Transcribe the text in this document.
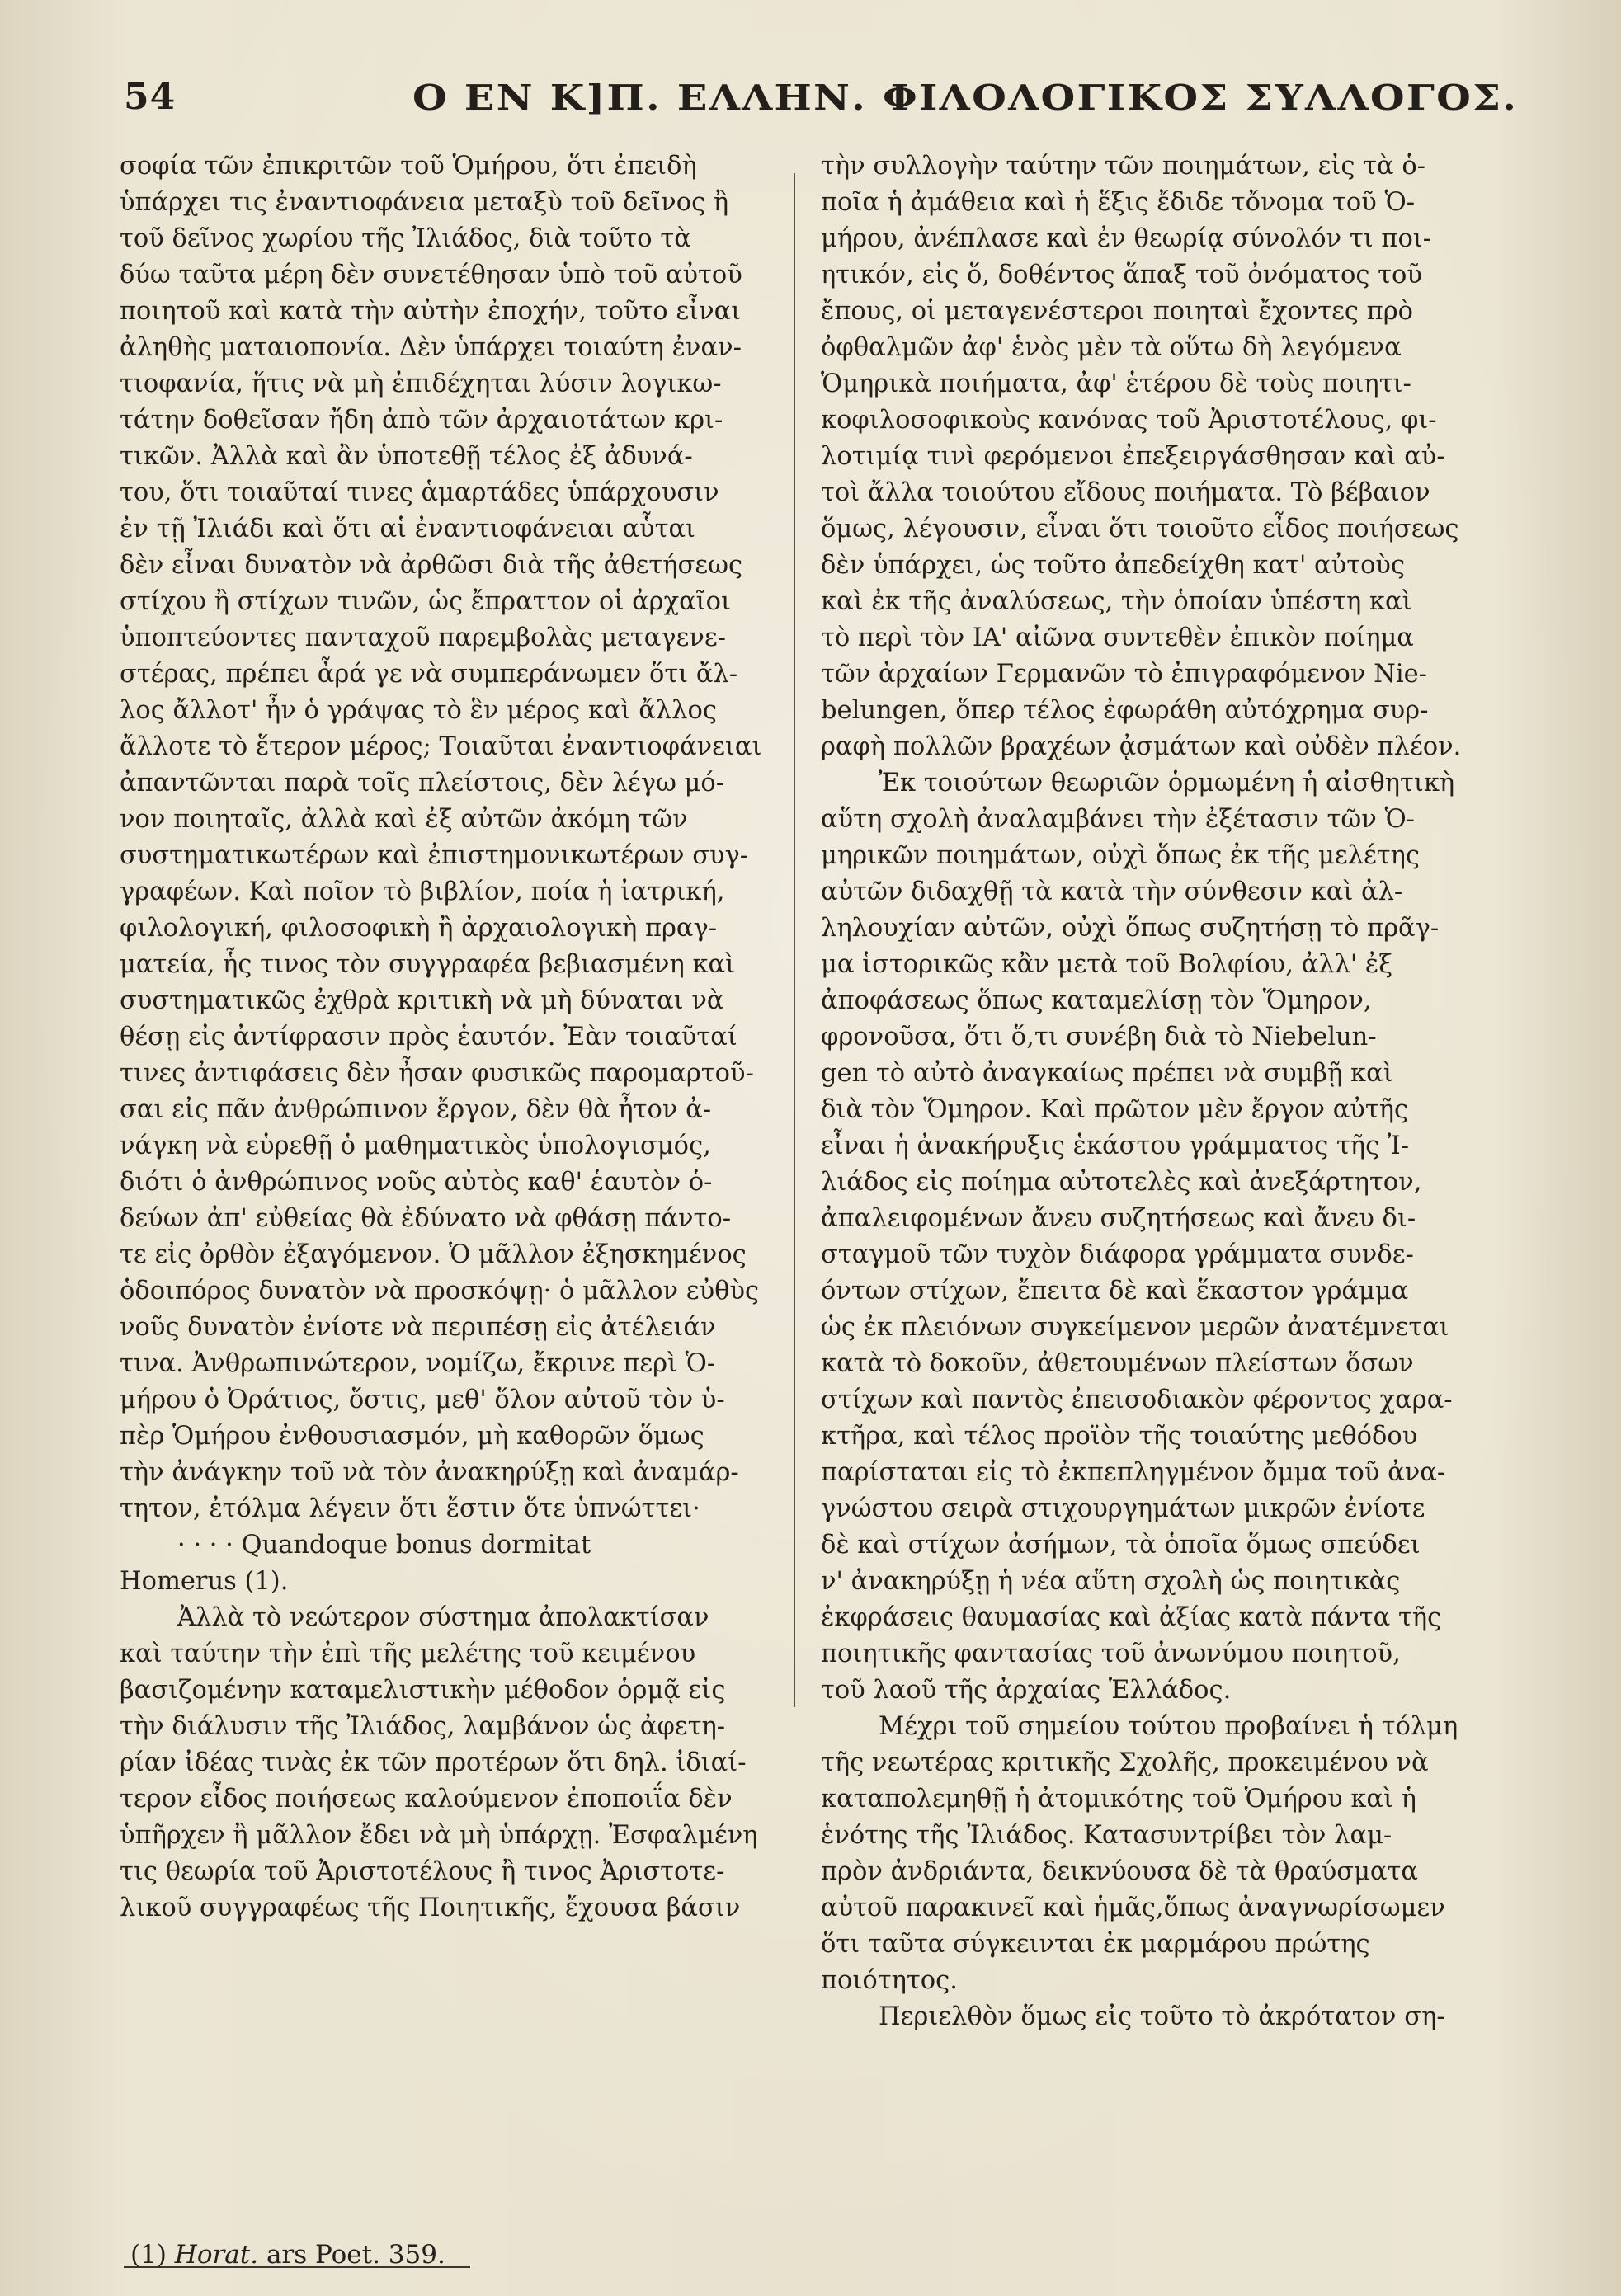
54	Ο ΕΝ Κ]Π. ΕΛΛΗΝ. ΦΙΛΟΛΟΓΙΚΟΣ ΣΥΛΛΟΓΟΣ.
σοφία τῶν ἐπικριτῶν τοῦ Ὁμήρου, ὅτι ἐπειδὴ
ὑπάρχει τις ἐναντιοφάνεια μεταξὺ τοῦ δεῖνος ἢ
τοῦ δεῖνος χωρίου τῆς Ἰλιάδος, διὰ τοῦτο τὰ
δύω ταῦτα μέρη δὲν συνετέθησαν ὑπὸ τοῦ αὐτοῦ
ποιητοῦ καὶ κατὰ τὴν αὐτὴν ἐποχήν, τοῦτο εἶναι
ἀληθὴς ματαιοπονία. Δὲν ὑπάρχει τοιαύτη ἐναν-
τιοφανία, ἥτις νὰ μὴ ἐπιδέχηται λύσιν λογικω-
τάτην δοθεῖσαν ἤδη ἀπὸ τῶν ἀρχαιοτάτων κρι-
τικῶν. Ἀλλὰ καὶ ἂν ὑποτεθῇ τέλος ἐξ ἀδυνά-
του, ὅτι τοιαῦταί τινες ἁμαρτάδες ὑπάρχουσιν
ἐν τῇ Ἰλιάδι καὶ ὅτι αἱ ἐναντιοφάνειαι αὗται
δὲν εἶναι δυνατὸν νὰ ἀρθῶσι διὰ τῆς ἀθετήσεως
στίχου ἢ στίχων τινῶν, ὡς ἔπραττον οἱ ἀρχαῖοι
ὑποπτεύοντες πανταχοῦ παρεμβολὰς μεταγενε-
στέρας, πρέπει ἆρά γε νὰ συμπεράνωμεν ὅτι ἄλ-
λος ἄλλοτ' ἦν ὁ γράψας τὸ ἓν μέρος καὶ ἄλλος
ἄλλοτε τὸ ἕτερον μέρος; Τοιαῦται ἐναντιοφάνειαι
ἀπαντῶνται παρὰ τοῖς πλείστοις, δὲν λέγω μό-
νον ποιηταῖς, ἀλλὰ καὶ ἐξ αὐτῶν ἀκόμη τῶν
συστηματικωτέρων καὶ ἐπιστημονικωτέρων συγ-
γραφέων. Καὶ ποῖον τὸ βιβλίον, ποία ἡ ἰατρική,
φιλολογική, φιλοσοφικὴ ἢ ἀρχαιολογικὴ πραγ-
ματεία, ἧς τινος τὸν συγγραφέα βεβιασμένη καὶ
συστηματικῶς ἐχθρὰ κριτικὴ νὰ μὴ δύναται νὰ
θέσῃ εἰς ἀντίφρασιν πρὸς ἑαυτόν. Ἐὰν τοιαῦταί
τινες ἀντιφάσεις δὲν ἦσαν φυσικῶς παρομαρτοῦ-
σαι εἰς πᾶν ἀνθρώπινον ἔργον, δὲν θὰ ἦτον ἀ-
νάγκη νὰ εὑρεθῇ ὁ μαθηματικὸς ὑπολογισμός,
διότι ὁ ἀνθρώπινος νοῦς αὐτὸς καθ' ἑαυτὸν ὁ-
δεύων ἀπ' εὐθείας θὰ ἐδύνατο νὰ φθάσῃ πάντο-
τε εἰς ὀρθὸν ἐξαγόμενον. Ὁ μᾶλλον ἐξησκημένος
ὁδοιπόρος δυνατὸν νὰ προσκόψῃ· ὁ μᾶλλον εὐθὺς
νοῦς δυνατὸν ἐνίοτε νὰ περιπέσῃ εἰς ἀτέλειάν
τινα. Ἀνθρωπινώτερον, νομίζω, ἔκρινε περὶ Ὁ-
μήρου ὁ Ὀράτιος, ὅστις, μεθ' ὅλον αὐτοῦ τὸν ὑ-
πὲρ Ὁμήρου ἐνθουσιασμόν, μὴ καθορῶν ὅμως
τὴν ἀνάγκην τοῦ νὰ τὸν ἀνακηρύξῃ καὶ ἀναμάρ-
τητον, ἐτόλμα λέγειν ὅτι ἔστιν ὅτε ὑπνώττει·
· · · · Quandoque bonus dormitat
Homerus (1).
Ἀλλὰ τὸ νεώτερον σύστημα ἀπολακτίσαν
καὶ ταύτην τὴν ἐπὶ τῆς μελέτης τοῦ κειμένου
βασιζομένην καταμελιστικὴν μέθοδον ὁρμᾷ εἰς
τὴν διάλυσιν τῆς Ἰλιάδος, λαμβάνον ὡς ἀφετη-
ρίαν ἰδέας τινὰς ἐκ τῶν προτέρων ὅτι δηλ. ἰδιαί-
τερον εἶδος ποιήσεως καλούμενον ἐποποιΐα δὲν
ὑπῆρχεν ἢ μᾶλλον ἔδει νὰ μὴ ὑπάρχῃ. Ἐσφαλμένη
τις θεωρία τοῦ Ἀριστοτέλους ἢ τινος Ἀριστοτε-
λικοῦ συγγραφέως τῆς Ποιητικῆς, ἔχουσα βάσιν
τὴν συλλογὴν ταύτην τῶν ποιημάτων, εἰς τὰ ὁ-
ποῖα ἡ ἀμάθεια καὶ ἡ ἕξις ἔδιδε τὄνομα τοῦ Ὁ-
μήρου, ἀνέπλασε καὶ ἐν θεωρίᾳ σύνολόν τι ποι-
ητικόν, εἰς ὅ, δοθέντος ἅπαξ τοῦ ὀνόματος τοῦ
ἔπους, οἱ μεταγενέστεροι ποιηταὶ ἔχοντες πρὸ
ὀφθαλμῶν ἀφ' ἑνὸς μὲν τὰ οὕτω δὴ λεγόμενα
Ὁμηρικὰ ποιήματα, ἀφ' ἑτέρου δὲ τοὺς ποιητι-
κοφιλοσοφικοὺς κανόνας τοῦ Ἀριστοτέλους, φι-
λοτιμίᾳ τινὶ φερόμενοι ἐπεξειργάσθησαν καὶ αὐ-
τοὶ ἄλλα τοιούτου εἴδους ποιήματα. Τὸ βέβαιον
ὅμως, λέγουσιν, εἶναι ὅτι τοιοῦτο εἶδος ποιήσεως
δὲν ὑπάρχει, ὡς τοῦτο ἀπεδείχθη κατ' αὐτοὺς
καὶ ἐκ τῆς ἀναλύσεως, τὴν ὁποίαν ὑπέστη καὶ
τὸ περὶ τὸν ΙΑ' αἰῶνα συντεθὲν ἐπικὸν ποίημα
τῶν ἀρχαίων Γερμανῶν τὸ ἐπιγραφόμενον Nie-
belungen, ὅπερ τέλος ἐφωράθη αὐτόχρημα συρ-
ραφὴ πολλῶν βραχέων ᾀσμάτων καὶ οὐδὲν πλέον.
Ἐκ τοιούτων θεωριῶν ὁρμωμένη ἡ αἰσθητικὴ
αὕτη σχολὴ ἀναλαμβάνει τὴν ἐξέτασιν τῶν Ὁ-
μηρικῶν ποιημάτων, οὐχὶ ὅπως ἐκ τῆς μελέτης
αὐτῶν διδαχθῇ τὰ κατὰ τὴν σύνθεσιν καὶ ἀλ-
ληλουχίαν αὐτῶν, οὐχὶ ὅπως συζητήσῃ τὸ πρᾶγ-
μα ἱστορικῶς κἂν μετὰ τοῦ Βολφίου, ἀλλ' ἐξ
ἀποφάσεως ὅπως καταμελίσῃ τὸν Ὅμηρον,
φρονοῦσα, ὅτι ὅ,τι συνέβη διὰ τὸ Niebelun-
gen τὸ αὐτὸ ἀναγκαίως πρέπει νὰ συμβῇ καὶ
διὰ τὸν Ὅμηρον. Καὶ πρῶτον μὲν ἔργον αὐτῆς
εἶναι ἡ ἀνακήρυξις ἑκάστου γράμματος τῆς Ἰ-
λιάδος εἰς ποίημα αὐτοτελὲς καὶ ἀνεξάρτητον,
ἀπαλειφομένων ἄνευ συζητήσεως καὶ ἄνευ δι-
σταγμοῦ τῶν τυχὸν διάφορα γράμματα συνδε-
όντων στίχων, ἔπειτα δὲ καὶ ἕκαστον γράμμα
ὡς ἐκ πλειόνων συγκείμενον μερῶν ἀνατέμνεται
κατὰ τὸ δοκοῦν, ἀθετουμένων πλείστων ὅσων
στίχων καὶ παντὸς ἐπεισοδιακὸν φέροντος χαρα-
κτῆρα, καὶ τέλος προϊὸν τῆς τοιαύτης μεθόδου
παρίσταται εἰς τὸ ἐκπεπληγμένον ὄμμα τοῦ ἀνα-
γνώστου σειρὰ στιχουργημάτων μικρῶν ἐνίοτε
δὲ καὶ στίχων ἀσήμων, τὰ ὁποῖα ὅμως σπεύδει
ν' ἀνακηρύξῃ ἡ νέα αὕτη σχολὴ ὡς ποιητικὰς
ἐκφράσεις θαυμασίας καὶ ἀξίας κατὰ πάντα τῆς
ποιητικῆς φαντασίας τοῦ ἀνωνύμου ποιητοῦ,
τοῦ λαοῦ τῆς ἀρχαίας Ἑλλάδος.
Μέχρι τοῦ σημείου τούτου προβαίνει ἡ τόλμη
τῆς νεωτέρας κριτικῆς Σχολῆς, προκειμένου νὰ
καταπολεμηθῇ ἡ ἀτομικότης τοῦ Ὁμήρου καὶ ἡ
ἑνότης τῆς Ἰλιάδος. Κατασυντρίβει τὸν λαμ-
πρὸν ἀνδριάντα, δεικνύουσα δὲ τὰ θραύσματα
αὐτοῦ παρακινεῖ καὶ ἡμᾶς,ὅπως ἀναγνωρίσωμεν
ὅτι ταῦτα σύγκεινται ἐκ μαρμάρου πρώτης
ποιότητος.
Περιελθὸν ὅμως εἰς τοῦτο τὸ ἀκρότατον ση-
(1) Horat. ars Poet. 359.
